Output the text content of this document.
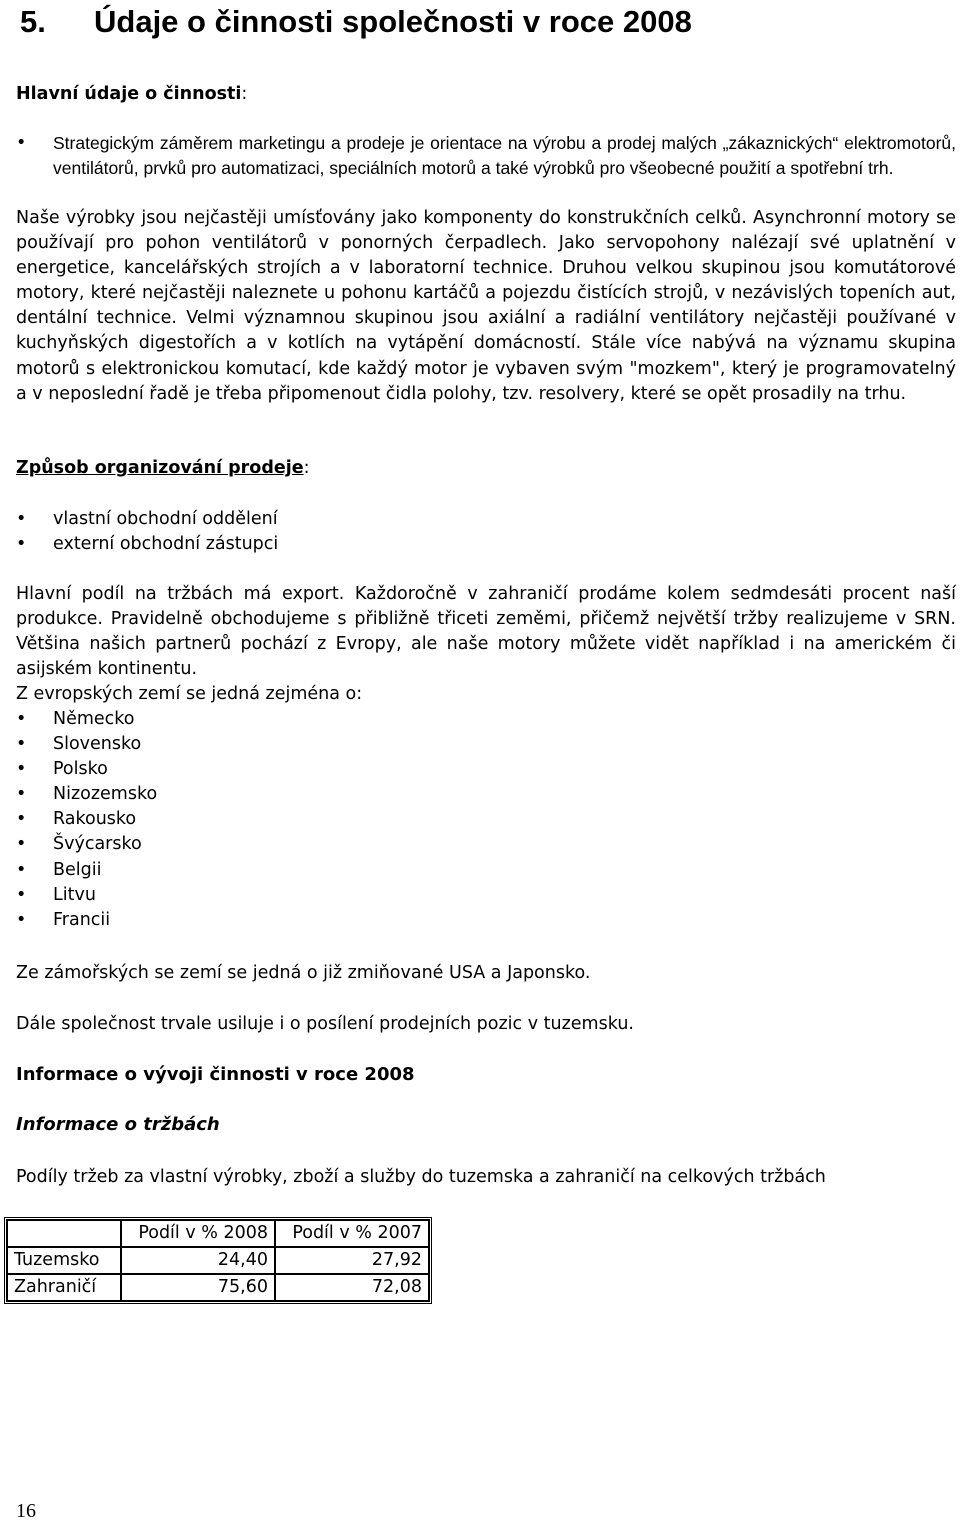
5. Údaje o činnosti společnosti v roce 2008

Hlavní údaje o činnosti:

• Strategickým záměrem marketingu a prodeje je orientace na výrobu a prodej malých „zákaznických“ elektromotorů, ventilátorů, prvků pro automatizaci, speciálních motorů a také výrobků pro všeobecné použití a spotřební trh.

Naše výrobky jsou nejčastěji umísťovány jako komponenty do konstrukčních celků. Asynchronní motory se používají pro pohon ventilátorů v ponorných čerpadlech. Jako servopohony nalézají své uplatnění v energetice, kancelářských strojích a v laboratorní technice. Druhou velkou skupinou jsou komutátorové motory, které nejčastěji naleznete u pohonu kartáčů a pojezdu čistících strojů, v nezávislých topeních aut, dentální technice. Velmi významnou skupinou jsou axiální a radiální ventilátory nejčastěji používané v kuchyňských digestořích a v kotlích na vytápění domácností. Stále více nabývá na významu skupina motorů s elektronickou komutací, kde každý motor je vybaven svým "mozkem", který je programovatelný a v neposlední řadě je třeba připomenout čidla polohy, tzv. resolvery, které se opět prosadily na trhu.

Způsob organizování prodeje:

• vlastní obchodní oddělení
• externí obchodní zástupci

Hlavní podíl na tržbách má export. Každoročně v zahraničí prodáme kolem sedmdesáti procent naší produkce. Pravidelně obchodujeme s přibližně třiceti zeměmi, přičemž největší tržby realizujeme v SRN. Většina našich partnerů pochází z Evropy, ale naše motory můžete vidět například i na americkém či asijském kontinentu.

Z evropských zemí se jedná zejména o:

• Německo
• Slovensko
• Polsko
• Nizozemsko
• Rakousko
• Švýcarsko
• Belgii
• Litvu
• Francii

Ze zámořských se zemí se jedná o již zmiňované USA a Japonsko.

Dále společnost trvale usiluje i o posílení prodejních pozic v tuzemsku.

Informace o vývoji činnosti v roce 2008

Informace o tržbách

Podíly tržeb za vlastní výrobky, zboží a služby do tuzemska a zahraničí na celkových tržbách

	Podíl v % 2008	Podíl v % 2007
Tuzemsko	24,40	27,92
Zahraničí	75,60	72,08

16
